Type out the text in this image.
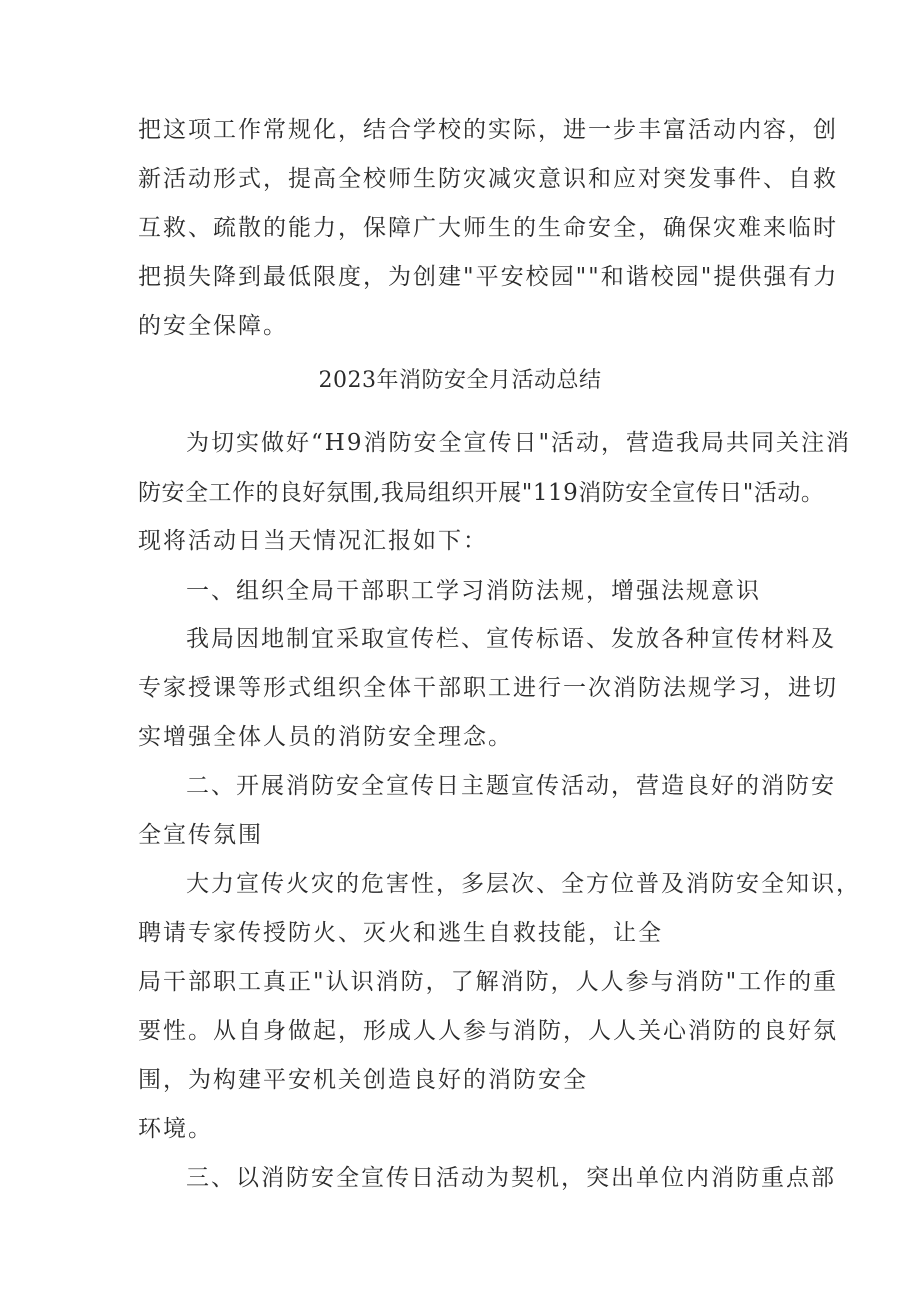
把这项工作常规化，结合学校的实际，进一步丰富活动内容，创
新活动形式，提高全校师生防灾减灾意识和应对突发事件、自救
互救、疏散的能力，保障广大师生的生命安全，确保灾难来临时
把损失降到最低限度，为创建"平安校园""和谐校园"提供强有力
的安全保障。
2023年消防安全月活动总结
为切实做好“H9消防安全宣传日"活动，营造我局共同关注消
防安全工作的良好氛围,我局组织开展"119消防安全宣传日"活动。
现将活动日当天情况汇报如下：
一、组织全局干部职工学习消防法规，增强法规意识
我局因地制宜采取宣传栏、宣传标语、发放各种宣传材料及
专家授课等形式组织全体干部职工进行一次消防法规学习，进切
实增强全体人员的消防安全理念。
二、开展消防安全宣传日主题宣传活动，营造良好的消防安
全宣传氛围
大力宣传火灾的危害性，多层次、全方位普及消防安全知识，
聘请专家传授防火、灭火和逃生自救技能，让全
局干部职工真正"认识消防，了解消防，人人参与消防"工作的重
要性。从自身做起，形成人人参与消防，人人关心消防的良好氛
围，为构建平安机关创造良好的消防安全
环境。
三、以消防安全宣传日活动为契机，突出单位内消防重点部
